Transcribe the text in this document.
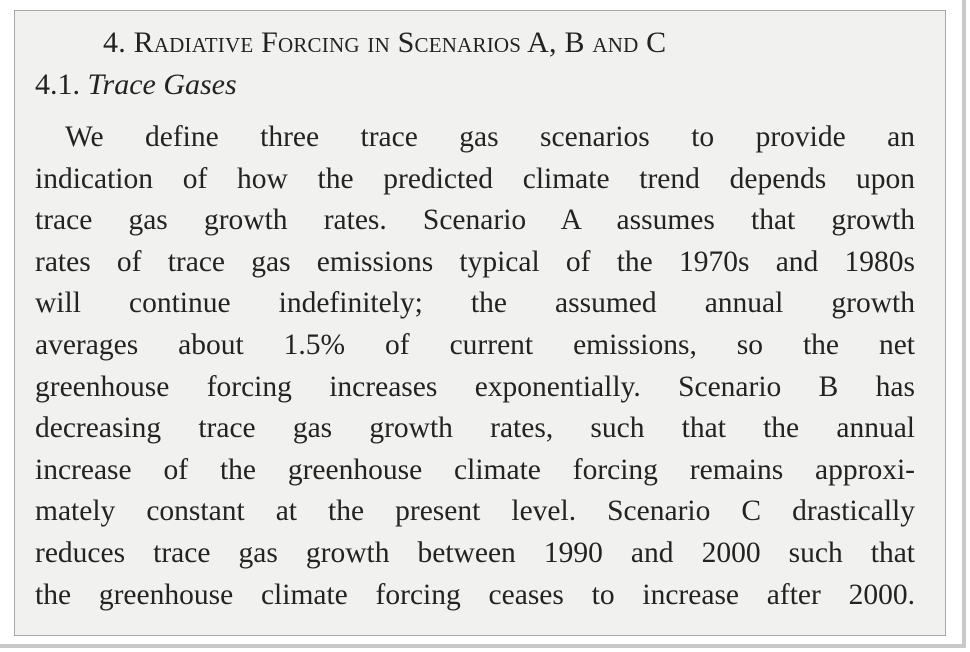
4. Radiative Forcing in Scenarios A, B and C
4.1. Trace Gases
We define three trace gas scenarios to provide an
indication of how the predicted climate trend depends upon
trace gas growth rates. Scenario A assumes that growth
rates of trace gas emissions typical of the 1970s and 1980s
will continue indefinitely; the assumed annual growth
averages about 1.5% of current emissions, so the net
greenhouse forcing increases exponentially. Scenario B has
decreasing trace gas growth rates, such that the annual
increase of the greenhouse climate forcing remains approxi-
mately constant at the present level. Scenario C drastically
reduces trace gas growth between 1990 and 2000 such that
the greenhouse climate forcing ceases to increase after 2000.
